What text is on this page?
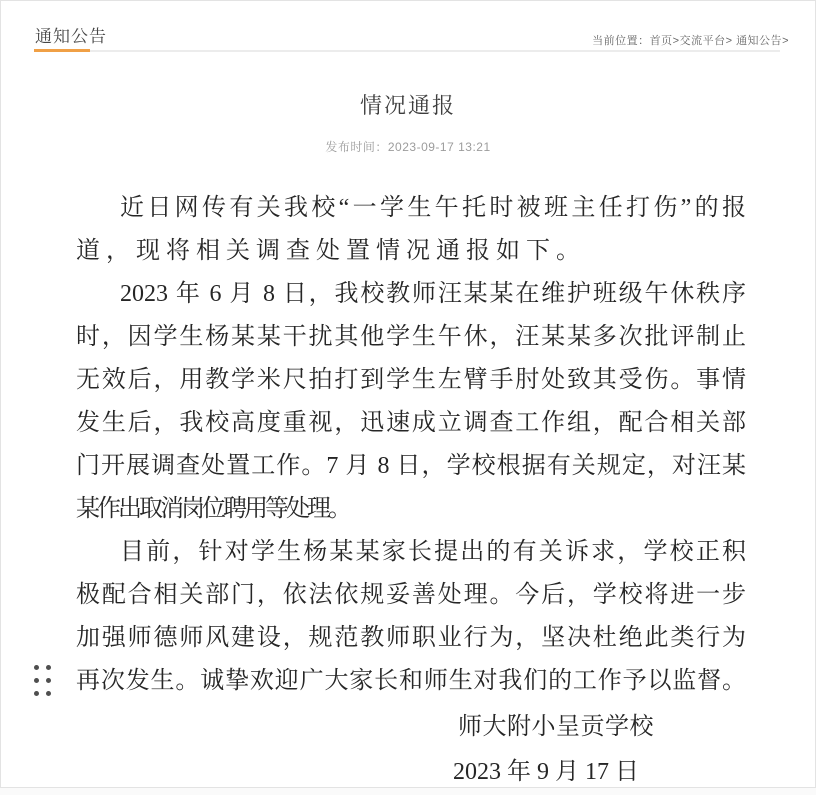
通知公告	当前位置：首页>交流平台> 通知公告>
情况通报
发布时间：2023-09-17 13:21
近日网传有关我校“一学生午托时被班主任打伤”的报
道，现将相关调查处置情况通报如下。
2023 年 6 月 8 日，我校教师汪某某在维护班级午休秩序
时，因学生杨某某干扰其他学生午休，汪某某多次批评制止
无效后，用教学米尺拍打到学生左臂手肘处致其受伤。事情
发生后，我校高度重视，迅速成立调查工作组，配合相关部
门开展调查处置工作。7 月 8 日，学校根据有关规定，对汪某
某作出取消岗位聘用等处理。
目前，针对学生杨某某家长提出的有关诉求，学校正积
极配合相关部门，依法依规妥善处理。今后，学校将进一步
加强师德师风建设，规范教师职业行为，坚决杜绝此类行为
再次发生。诚挚欢迎广大家长和师生对我们的工作予以监督。
师大附小呈贡学校
2023 年 9 月 17 日
